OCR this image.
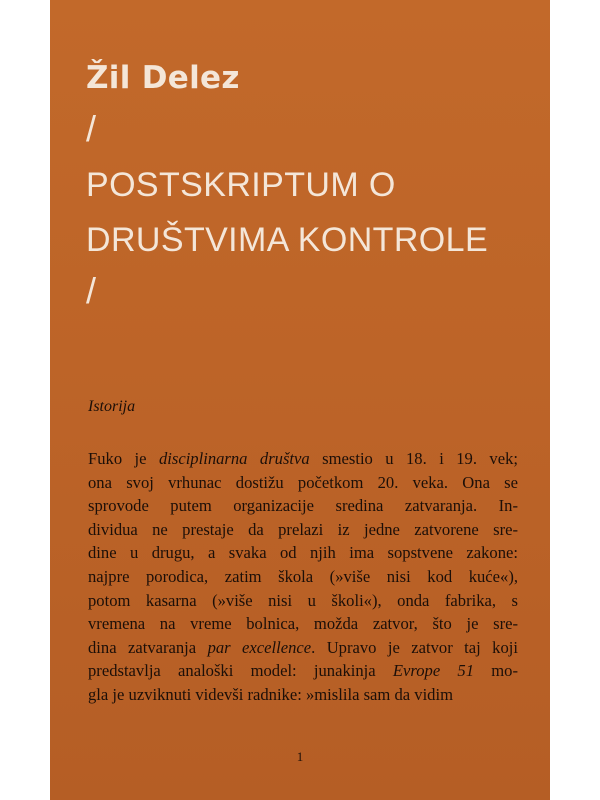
Žil Delez
/
POSTSKRIPTUM O
DRUŠTVIMA KONTROLE
/
Istorija
Fuko je disciplinarna društva smestio u 18. i 19. vek;
ona svoj vrhunac dostižu početkom 20. veka. Ona se
sprovode putem organizacije sredina zatvaranja. In-
dividua ne prestaje da prelazi iz jedne zatvorene sre-
dine u drugu, a svaka od njih ima sopstvene zakone:
najpre porodica, zatim škola (»više nisi kod kuće«),
potom kasarna (»više nisi u školi«), onda fabrika, s
vremena na vreme bolnica, možda zatvor, što je sre-
dina zatvaranja par excellence. Upravo je zatvor taj koji
predstavlja analoški model: junakinja Evrope 51 mo-
gla je uzviknuti videvši radnike: »mislila sam da vidim
1
